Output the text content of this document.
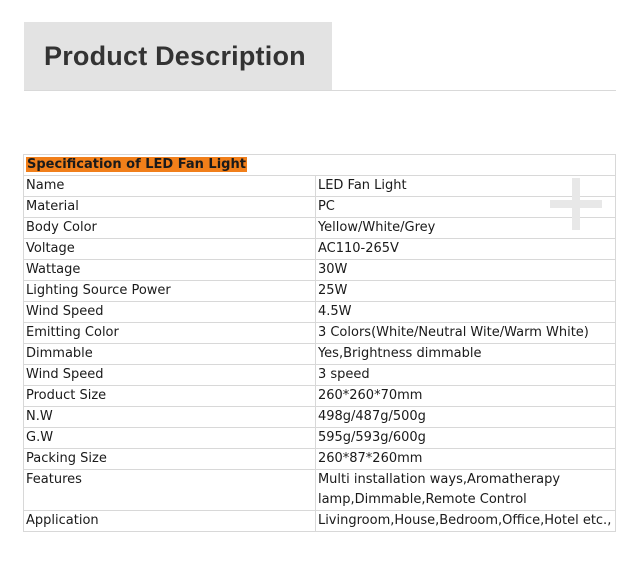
Product Description
Specification of LED Fan Light	
Name	LED Fan Light
Material	PC
Body Color	Yellow/White/Grey
Voltage	AC110-265V
Wattage	30W
Lighting Source Power	25W
Wind Speed	4.5W
Emitting Color	3 Colors(White/Neutral Wite/Warm White)
Dimmable	Yes,Brightness dimmable
Wind Speed	3 speed
Product Size	260*260*70mm
N.W	498g/487g/500g
G.W	595g/593g/600g
Packing Size	260*87*260mm
Features	Multi installation ways,Aromatherapy lamp,Dimmable,Remote Control
Application	Livingroom,House,Bedroom,Office,Hotel etc.,
